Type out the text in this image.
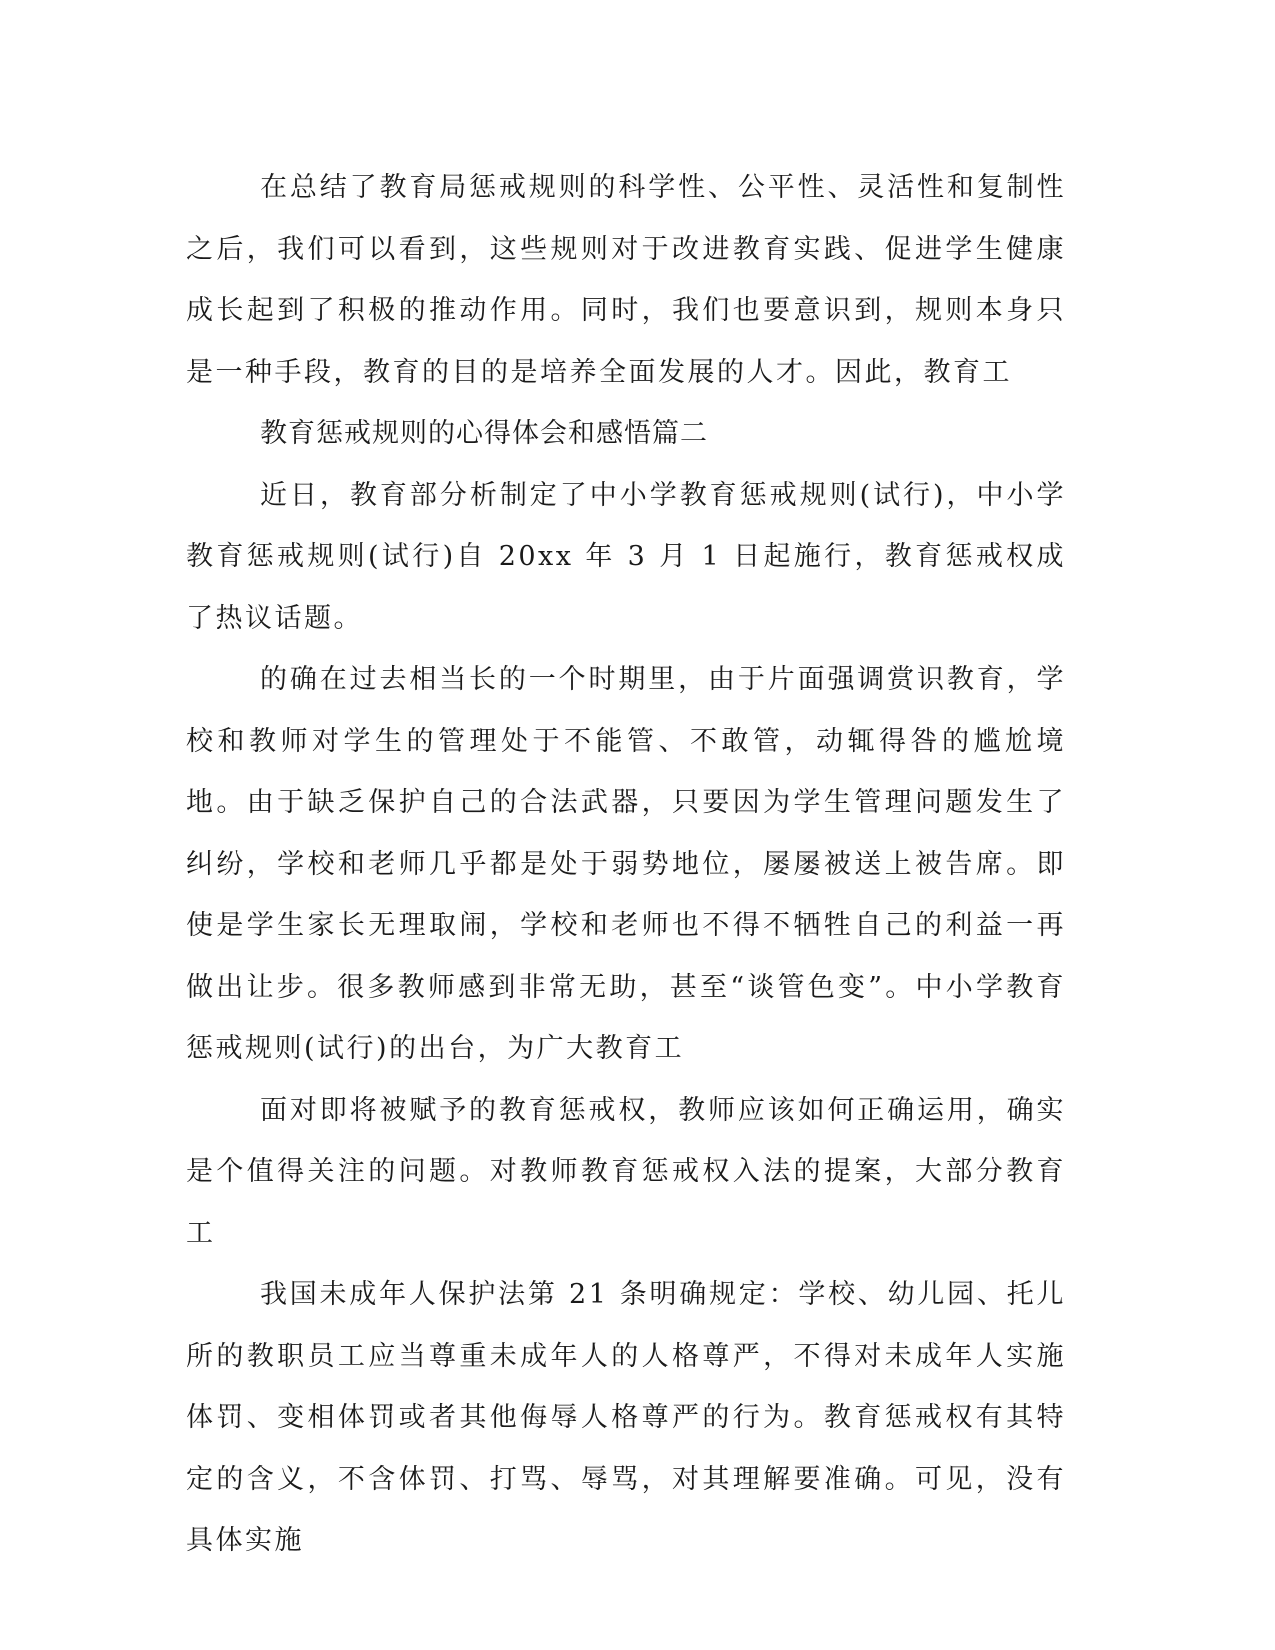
在总结了教育局惩戒规则的科学性、公平性、灵活性和复制性之后，我们可以看到，这些规则对于改进教育实践、促进学生健康成长起到了积极的推动作用。同时，我们也要意识到，规则本身只是一种手段，教育的目的是培养全面发展的人才。因此，教育工

教育惩戒规则的心得体会和感悟篇二

近日，教育部分析制定了中小学教育惩戒规则(试行)，中小学教育惩戒规则(试行)自 20xx 年 3 月 1 日起施行，教育惩戒权成了热议话题。

的确在过去相当长的一个时期里，由于片面强调赏识教育，学校和教师对学生的管理处于不能管、不敢管，动辄得咎的尴尬境地。由于缺乏保护自己的合法武器，只要因为学生管理问题发生了纠纷，学校和老师几乎都是处于弱势地位，屡屡被送上被告席。即使是学生家长无理取闹，学校和老师也不得不牺牲自己的利益一再做出让步。很多教师感到非常无助，甚至“谈管色变”。中小学教育惩戒规则(试行)的出台，为广大教育工

面对即将被赋予的教育惩戒权，教师应该如何正确运用，确实是个值得关注的问题。对教师教育惩戒权入法的提案，大部分教育工

我国未成年人保护法第 21 条明确规定：学校、幼儿园、托儿所的教职员工应当尊重未成年人的人格尊严，不得对未成年人实施体罚、变相体罚或者其他侮辱人格尊严的行为。教育惩戒权有其特定的含义，不含体罚、打骂、辱骂，对其理解要准确。可见，没有具体实施
